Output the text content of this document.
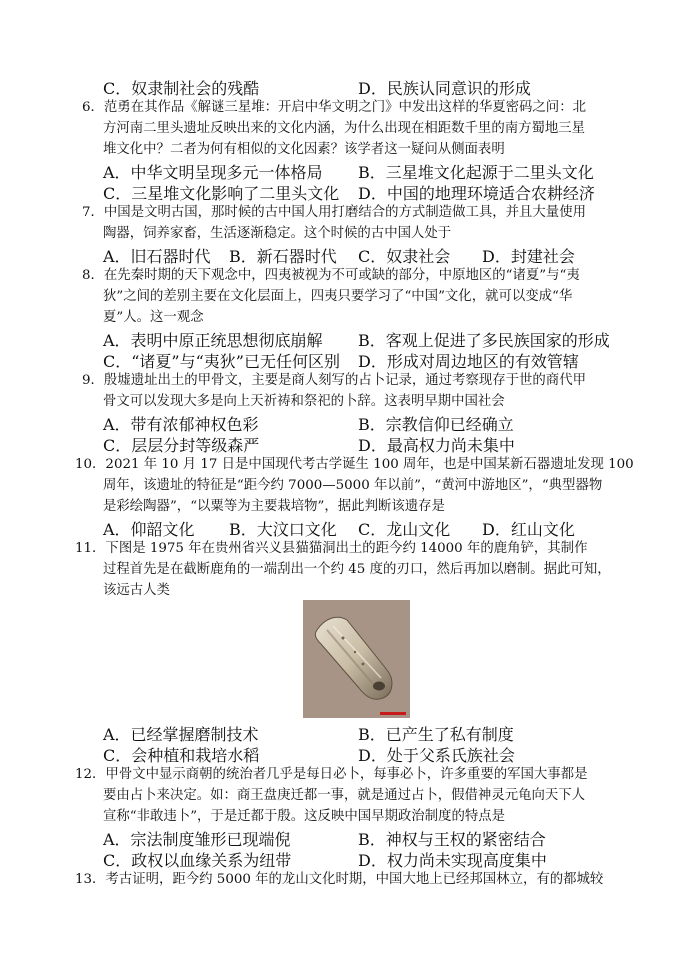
C．奴隶制社会的残酷	D．民族认同意识的形成
6．范勇在其作品《解谜三星堆：开启中华文明之门》中发出这样的华夏密码之问：北
方河南二里头遗址反映出来的文化内涵，为什么出现在相距数千里的南方蜀地三星
堆文化中？二者为何有相似的文化因素？该学者这一疑问从侧面表明
A．中华文明呈现多元一体格局 B．三星堆文化起源于二里头文化
C．三星堆文化影响了二里头文化 D．中国的地理环境适合农耕经济
7．中国是文明古国，那时候的古中国人用打磨结合的方式制造做工具，并且大量使用
陶器，饲养家畜，生活逐渐稳定。这个时候的古中国人处于
A．旧石器时代 B．新石器时代 C．奴隶社会 D．封建社会
8．在先秦时期的天下观念中，四夷被视为不可或缺的部分，中原地区的“诸夏”与“夷
狄”之间的差别主要在文化层面上，四夷只要学习了“中国”文化，就可以变成“华
夏”人。这一观念
A．表明中原正统思想彻底崩解 B．客观上促进了多民族国家的形成
C．“诸夏”与“夷狄”已无任何区别 D．形成对周边地区的有效管辖
9．殷墟遗址出土的甲骨文，主要是商人刻写的占卜记录，通过考察现存于世的商代甲
骨文可以发现大多是向上天祈祷和祭祀的卜辞。这表明早期中国社会
A．带有浓郁神权色彩	B．宗教信仰已经确立
C．层层分封等级森严	D．最高权力尚未集中
10．2021 年 10 月 17 日是中国现代考古学诞生 100 周年，也是中国某新石器遗址发现 100
周年，该遗址的特征是“距今约 7000—5000 年以前”，“黄河中游地区”，“典型器物
是彩绘陶器”，“以粟等为主要栽培物”，据此判断该遗存是
A．仰韶文化 B．大汶口文化 C．龙山文化 D．红山文化
11．下图是 1975 年在贵州省兴义县猫猫洞出土的距今约 14000 年的鹿角铲，其制作
过程首先是在截断鹿角的一端刮出一个约 45 度的刃口，然后再加以磨制。据此可知，
该远古人类
A．已经掌握磨制技术	B．已产生了私有制度
C．会种植和栽培水稻	D．处于父系氏族社会
12．甲骨文中显示商朝的统治者几乎是每日必卜，每事必卜，许多重要的军国大事都是
要由占卜来决定。如：商王盘庚迁都一事，就是通过占卜，假借神灵元龟向天下人
宣称“非敢违卜”，于是迁都于殷。这反映中国早期政治制度的特点是
A．宗法制度雏形已现端倪	B．神权与王权的紧密结合
C．政权以血缘关系为纽带	D．权力尚未实现高度集中
13．考古证明，距今约 5000 年的龙山文化时期，中国大地上已经邦国林立，有的都城较
